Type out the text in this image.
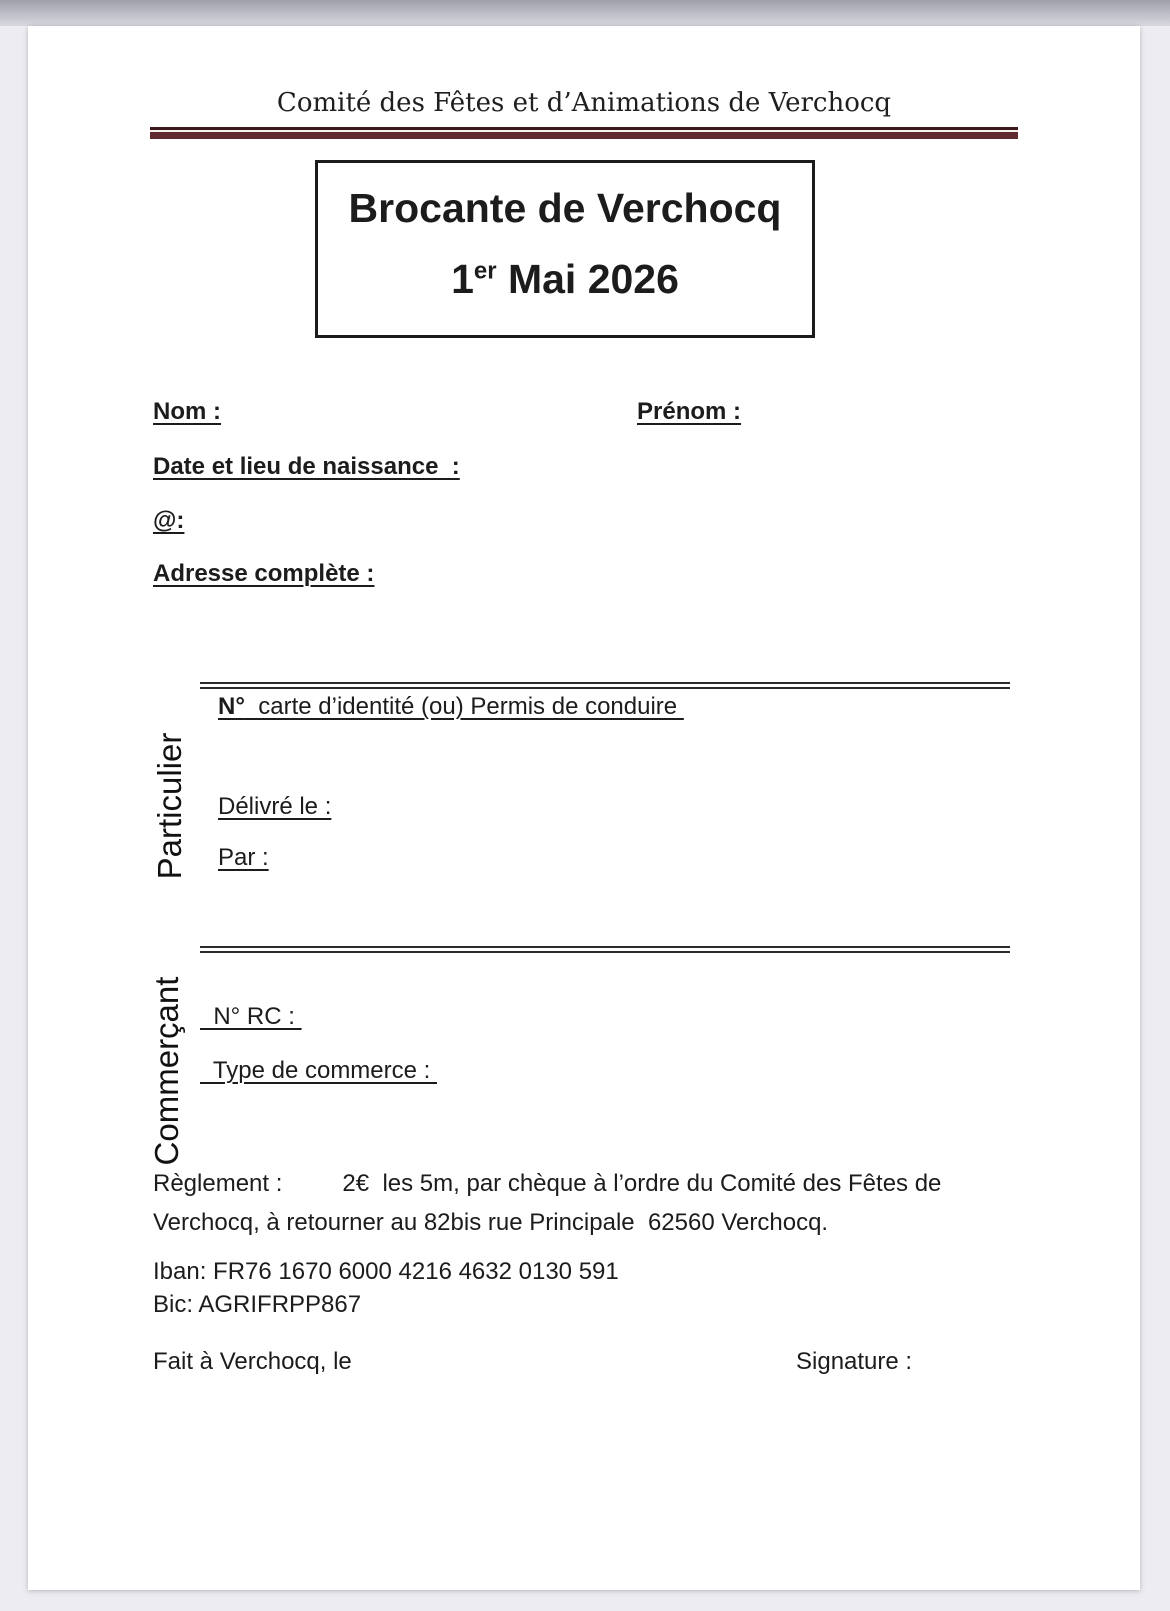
Comité des Fêtes et d’Animations de Verchocq
Brocante de Verchocq
1er Mai 2026
Nom :	Prénom :
Date et lieu de naissance  :
@:
Adresse complète :
Particulier
N°  carte d’identité (ou) Permis de conduire
Délivré le :
Par :
Commerçant N° RC :
Type de commerce :
Règlement :         2€  les 5m, par chèque à l’ordre du Comité des Fêtes de
Verchocq, à retourner au 82bis rue Principale  62560 Verchocq.
Iban: FR76 1670 6000 4216 4632 0130 591
Bic: AGRIFRPP867
Fait à Verchocq, le	Signature :
